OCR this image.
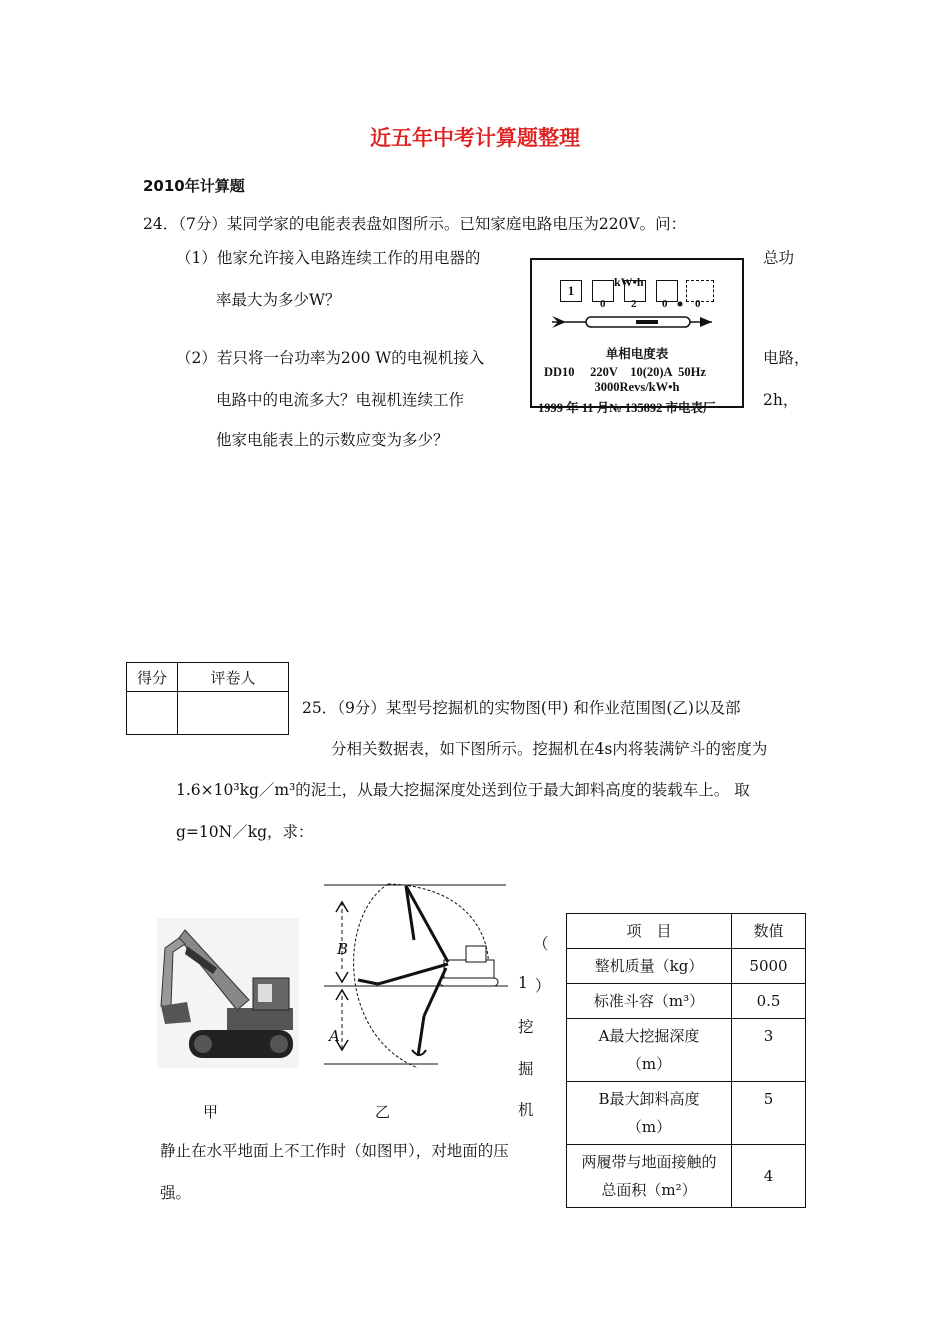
近五年中考计算题整理
2010年计算题
24．（7分）某同学家的电能表表盘如图所示。已知家庭电路电压为220V。问：
（1）他家允许接入电路连续工作的用电器的	总功
率最大为多少W？
（2）若只将一台功率为200 W的电视机接入	电路，
电路中的电流多大？电视机连续工作	2h，
他家电能表上的示数应变为多少？
kW•h
1
0 2 0	0
单相电度表
DD10     220V    10(20)A  50Hz
3000Revs/kW•h
1999 年 11 月№ 135892 市电表厂
得分	评卷人

25．（9分）某型号挖掘机的实物图(甲) 和作业范围图(乙)以及部
分相关数据表，如下图所示。挖掘机在4s内将装满铲斗的密度为
1.6×10³kg／m³的泥土，从最大挖掘深度处送到位于最大卸料高度的装载车上。 取
g=10N／kg，求：
B
A
甲	乙
（
1 ）
挖
掘
机
静止在水平地面上不工作时（如图甲），对地面的压
强。
项　目	数值
整机质量（kg）	5000
标准斗容（m³）	0.5
A最大挖掘深度（m）	3
B最大卸料高度（m）	5
两履带与地面接触的总面积（m²）	4
